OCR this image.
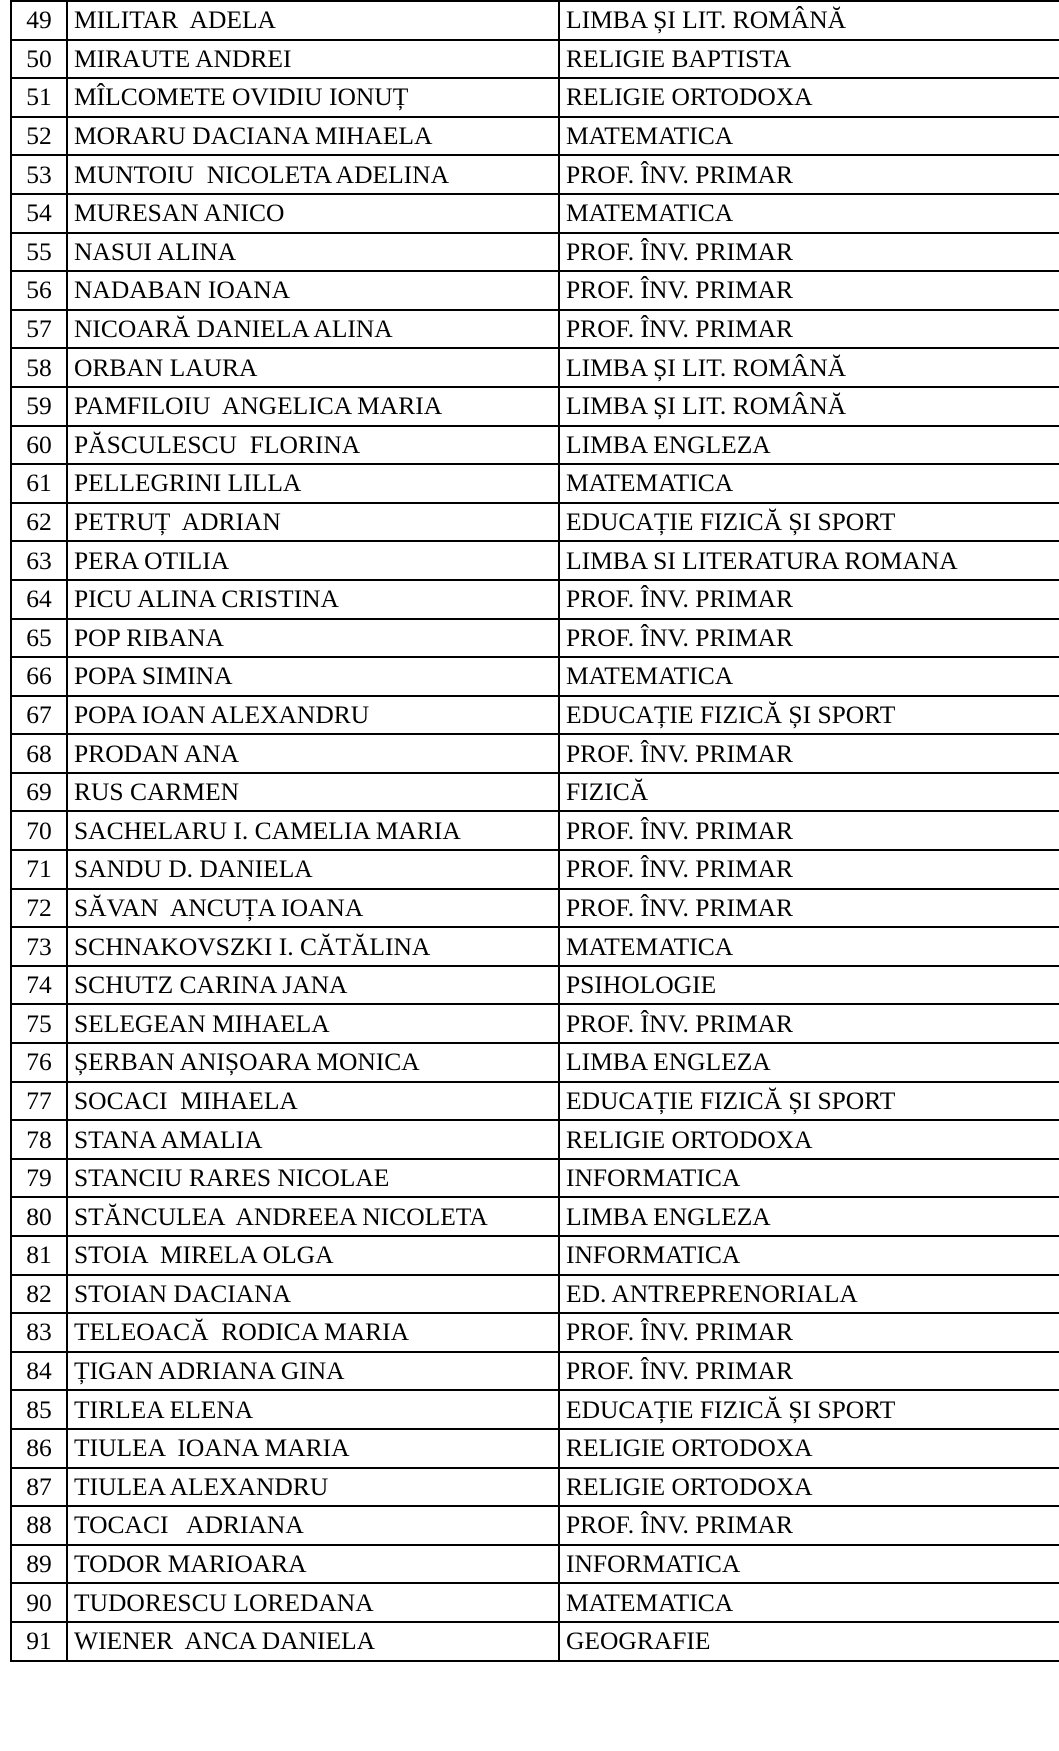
49	MILITAR  ADELA	LIMBA ȘI LIT. ROMÂNĂ
50	MIRAUTE ANDREI	RELIGIE BAPTISTA
51	MÎLCOMETE OVIDIU IONUȚ	RELIGIE ORTODOXA
52	MORARU DACIANA MIHAELA	MATEMATICA
53	MUNTOIU  NICOLETA ADELINA	PROF. ÎNV. PRIMAR
54	MURESAN ANICO	MATEMATICA
55	NASUI ALINA	PROF. ÎNV. PRIMAR
56	NADABAN IOANA	PROF. ÎNV. PRIMAR
57	NICOARĂ DANIELA ALINA	PROF. ÎNV. PRIMAR
58	ORBAN LAURA	LIMBA ȘI LIT. ROMÂNĂ
59	PAMFILOIU  ANGELICA MARIA	LIMBA ȘI LIT. ROMÂNĂ
60	PĂSCULESCU  FLORINA	LIMBA ENGLEZA
61	PELLEGRINI LILLA	MATEMATICA
62	PETRUȚ  ADRIAN	EDUCAȚIE FIZICĂ ȘI SPORT
63	PERA OTILIA	LIMBA SI LITERATURA ROMANA
64	PICU ALINA CRISTINA	PROF. ÎNV. PRIMAR
65	POP RIBANA	PROF. ÎNV. PRIMAR
66	POPA SIMINA	MATEMATICA
67	POPA IOAN ALEXANDRU	EDUCAȚIE FIZICĂ ȘI SPORT
68	PRODAN ANA	PROF. ÎNV. PRIMAR
69	RUS CARMEN	FIZICĂ
70	SACHELARU I. CAMELIA MARIA	PROF. ÎNV. PRIMAR
71	SANDU D. DANIELA	PROF. ÎNV. PRIMAR
72	SĂVAN  ANCUȚA IOANA	PROF. ÎNV. PRIMAR
73	SCHNAKOVSZKI I. CĂTĂLINA	MATEMATICA
74	SCHUTZ CARINA JANA	PSIHOLOGIE
75	SELEGEAN MIHAELA	PROF. ÎNV. PRIMAR
76	ȘERBAN ANIȘOARA MONICA	LIMBA ENGLEZA
77	SOCACI  MIHAELA	EDUCAȚIE FIZICĂ ȘI SPORT
78	STANA AMALIA	RELIGIE ORTODOXA
79	STANCIU RARES NICOLAE	INFORMATICA
80	STĂNCULEA  ANDREEA NICOLETA	LIMBA ENGLEZA
81	STOIA  MIRELA OLGA	INFORMATICA
82	STOIAN DACIANA	ED. ANTREPRENORIALA
83	TELEOACĂ  RODICA MARIA	PROF. ÎNV. PRIMAR
84	ȚIGAN ADRIANA GINA	PROF. ÎNV. PRIMAR
85	TIRLEA ELENA	EDUCAȚIE FIZICĂ ȘI SPORT
86	TIULEA  IOANA MARIA	RELIGIE ORTODOXA
87	TIULEA ALEXANDRU	RELIGIE ORTODOXA
88	TOCACI   ADRIANA	PROF. ÎNV. PRIMAR
89	TODOR MARIOARA	INFORMATICA
90	TUDORESCU LOREDANA	MATEMATICA
91	WIENER  ANCA DANIELA	GEOGRAFIE
